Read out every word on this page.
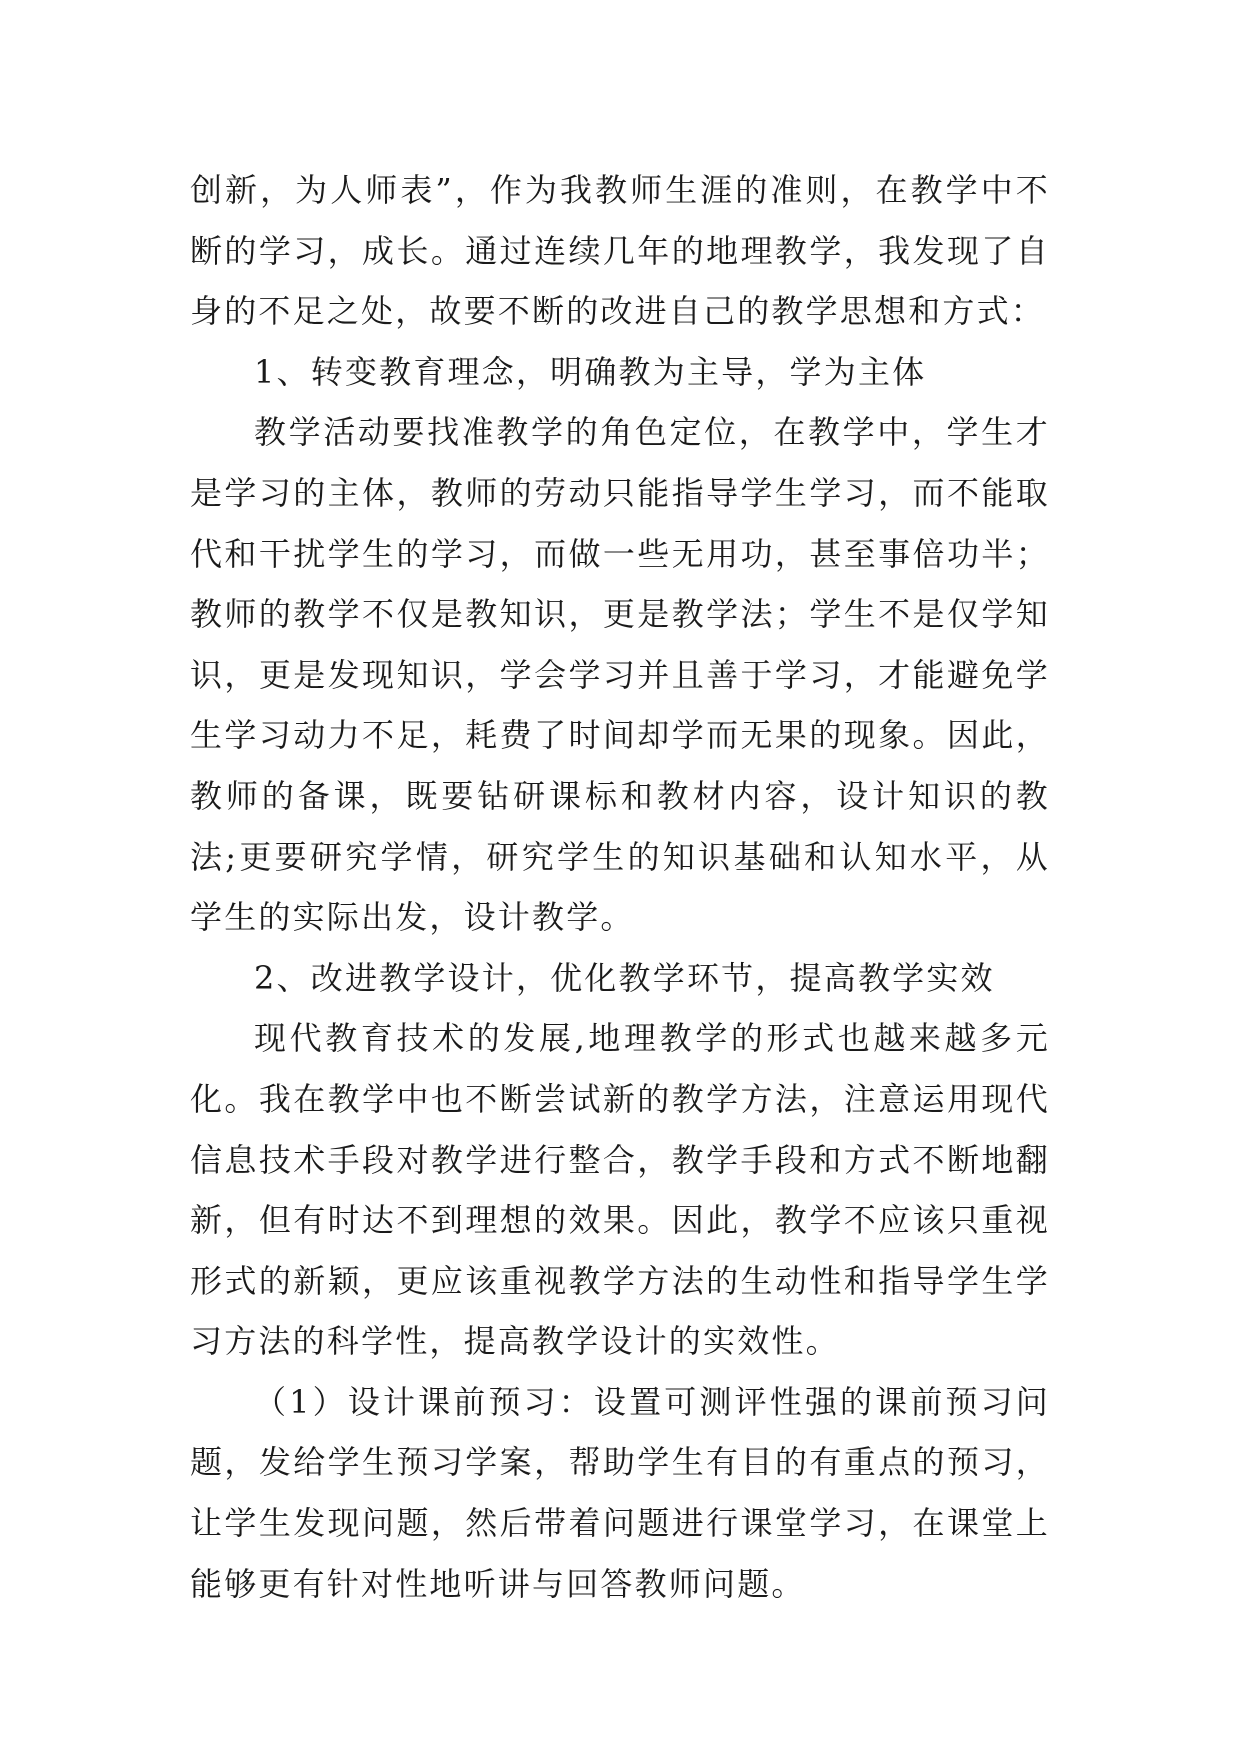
创新，为人师表”，作为我教师生涯的准则，在教学中不断的学习，成长。通过连续几年的地理教学，我发现了自身的不足之处，故要不断的改进自己的教学思想和方式：

1、转变教育理念，明确教为主导，学为主体

教学活动要找准教学的角色定位，在教学中，学生才是学习的主体，教师的劳动只能指导学生学习，而不能取代和干扰学生的学习，而做一些无用功，甚至事倍功半；教师的教学不仅是教知识，更是教学法；学生不是仅学知识，更是发现知识，学会学习并且善于学习，才能避免学生学习动力不足，耗费了时间却学而无果的现象。因此，教师的备课，既要钻研课标和教材内容，设计知识的教法;更要研究学情，研究学生的知识基础和认知水平，从学生的实际出发，设计教学。

2、改进教学设计，优化教学环节，提高教学实效

现代教育技术的发展,地理教学的形式也越来越多元化。我在教学中也不断尝试新的教学方法，注意运用现代信息技术手段对教学进行整合，教学手段和方式不断地翻新，但有时达不到理想的效果。因此，教学不应该只重视形式的新颖，更应该重视教学方法的生动性和指导学生学习方法的科学性，提高教学设计的实效性。

（1）设计课前预习：设置可测评性强的课前预习问题，发给学生预习学案，帮助学生有目的有重点的预习，让学生发现问题，然后带着问题进行课堂学习，在课堂上能够更有针对性地听讲与回答教师问题。
